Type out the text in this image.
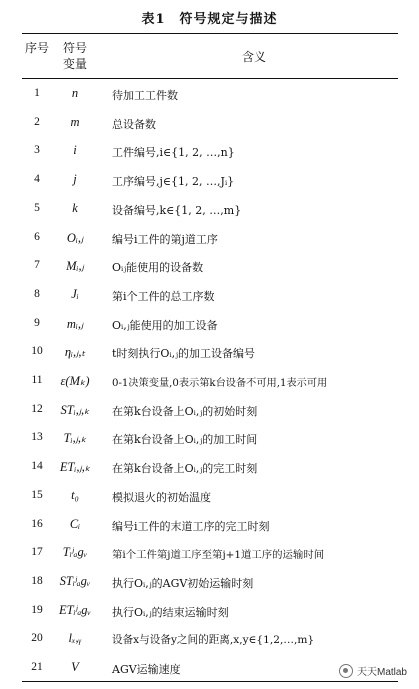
表1　符号规定与描述
序号	符号变量	含义
1	n	待加工工件数
2	m	总设备数
3	i	工件编号,i∈{1, 2, …,n}
4	j	工序编号,j∈{1, 2, …,Jᵢ}
5	k	设备编号,k∈{1, 2, …,m}
6	Oᵢ,ⱼ	编号i工件的第j道工序
7	Mᵢ,ⱼ	Oᵢⱼ能使用的设备数
8	Jᵢ	第i个工件的总工序数
9	mᵢ,ⱼ	Oᵢ,ⱼ能使用的加工设备
10	ηᵢ,ⱼ,ₜ	t时刻执行Oᵢ,ⱼ的加工设备编号
11	ε(Mₖ)	0-1决策变量,0表示第k台设备不可用,1表示可用
12	STᵢ,ⱼ,ₖ	在第k台设备上Oᵢ,ⱼ的初始时刻
13	Tᵢ,ⱼ,ₖ	在第k台设备上Oᵢ,ⱼ的加工时间
14	ETᵢ,ⱼ,ₖ	在第k台设备上Oᵢ,ⱼ的完工时刻
15	t₀	模拟退火的初始温度
16	Cᵢ	编号i工件的末道工序的完工时刻
17	Tᵢʲₐgᵥ	第i个工件第j道工序至第j+1道工序的运输时间
18	STᵢʲₐgᵥ	执行Oᵢ,ⱼ的AGV初始运输时刻
19	ETᵢʲₐgᵥ	执行Oᵢ,ⱼ的结束运输时刻
20	lₓ,ᵧ	设备x与设备y之间的距离,x,y∈{1,2,…,m}
21	V	AGV运输速度	天天Matlab
